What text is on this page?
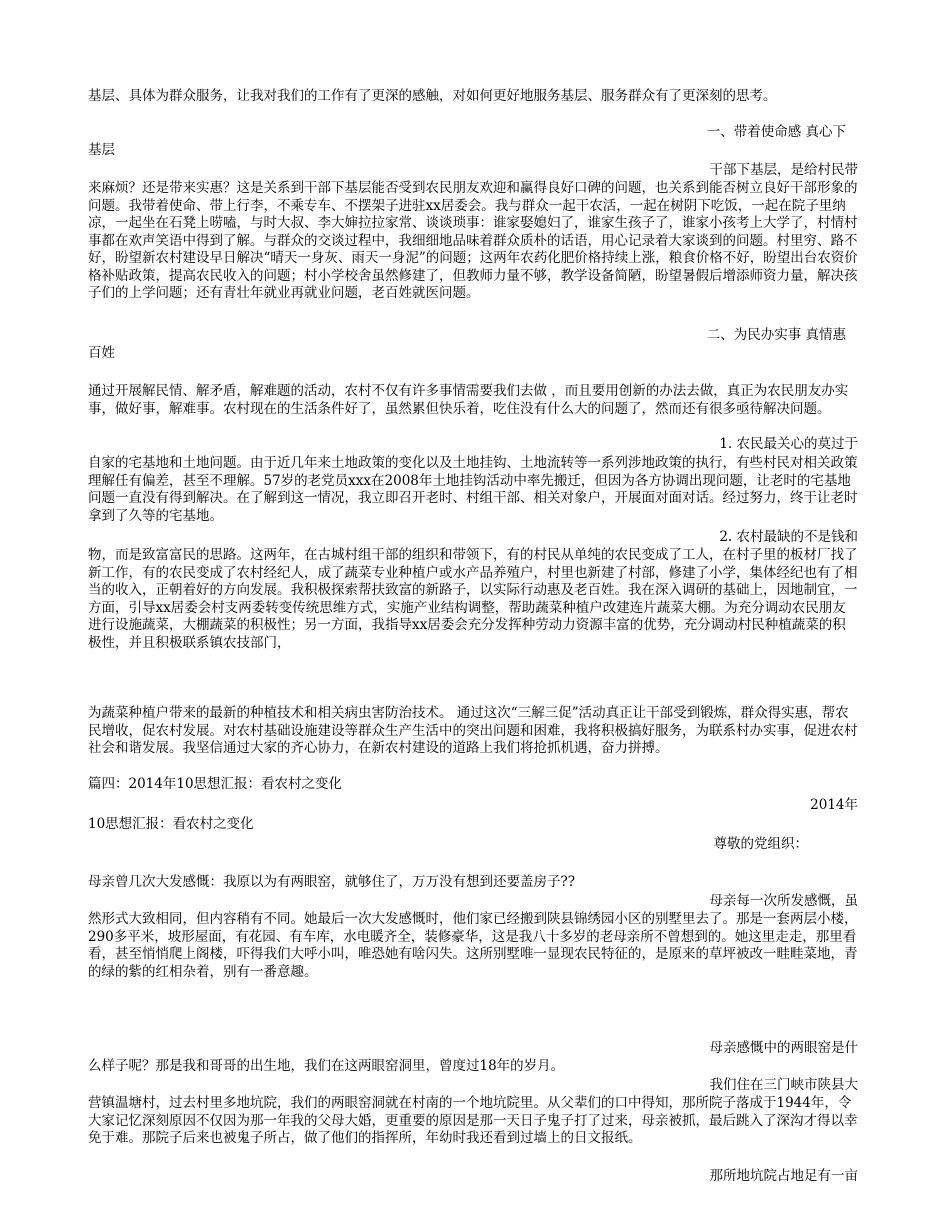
基层、具体为群众服务，让我对我们的工作有了更深的感触，对如何更好地服务基层、服务群众有了更深刻的思考。

一、带着使命感 真心下

基层

干部下基层，是给村民带

来麻烦？还是带来实惠？这是关系到干部下基层能否受到农民朋友欢迎和赢得良好口碑的问题，也关系到能否树立良好干部形象的问题。我带着使命、带上行李，不乘专车、不摆架子进驻xx居委会。我与群众一起干农活，一起在树阴下吃饭，一起在院子里纳凉，一起坐在石凳上唠嗑，与时大叔、李大婶拉拉家常、谈谈琐事：谁家娶媳妇了，谁家生孩子了，谁家小孩考上大学了，村情村事都在欢声笑语中得到了解。与群众的交谈过程中，我细细地品味着群众质朴的话语，用心记录着大家谈到的问题。村里穷、路不好，盼望新农村建设早日解决“晴天一身灰、雨天一身泥”的问题；这两年农药化肥价格持续上涨，粮食价格不好，盼望出台农资价格补贴政策，提高农民收入的问题；村小学校舍虽然修建了，但教师力量不够，教学设备简陋，盼望暑假后增添师资力量，解决孩子们的上学问题；还有青壮年就业再就业问题，老百姓就医问题。

二、为民办实事 真情惠

百姓

通过开展解民情、解矛盾，解难题的活动，农村不仅有许多事情需要我们去做 ，而且要用创新的办法去做，真正为农民朋友办实事，做好事，解难事。农村现在的生活条件好了，虽然累但快乐着，吃住没有什么大的问题了，然而还有很多亟待解决问题。

1. 农民最关心的莫过于

自家的宅基地和土地问题。由于近几年来土地政策的变化以及土地挂钩、土地流转等一系列涉地政策的执行，有些村民对相关政策理解任有偏差，甚至不理解。57岁的老党员xxx在2008年土地挂钩活动中率先搬迁，但因为各方协调出现问题，让老时的宅基地问题一直没有得到解决。在了解到这一情况，我立即召开老时、村组干部、相关对象户，开展面对面对话。经过努力，终于让老时拿到了久等的宅基地。

2. 农村最缺的不是钱和

物，而是致富富民的思路。这两年，在古城村组干部的组织和带领下，有的村民从单纯的农民变成了工人，在村子里的板材厂找了新工作，有的农民变成了农村经纪人，成了蔬菜专业种植户或水产品养殖户，村里也新建了村部，修建了小学，集体经纪也有了相当的收入，正朝着好的方向发展。我积极探索帮扶致富的新路子，以实际行动惠及老百姓。我在深入调研的基础上，因地制宜，一方面，引导xx居委会村支两委转变传统思维方式，实施产业结构调整，帮助蔬菜种植户改建连片蔬菜大棚。为充分调动农民朋友进行设施蔬菜，大棚蔬菜的积极性；另一方面，我指导xx居委会充分发挥种劳动力资源丰富的优势，充分调动村民种植蔬菜的积极性，并且积极联系镇农技部门，

为蔬菜种植户带来的最新的种植技术和相关病虫害防治技术。 通过这次“三解三促”活动真正让干部受到锻炼，群众得实惠，帮农民增收，促农村发展。对农村基础设施建设等群众生产生活中的突出问题和困难，我将积极搞好服务，为联系村办实事，促进农村社会和谐发展。我坚信通过大家的齐心协力，在新农村建设的道路上我们将抢抓机遇，奋力拼搏。

篇四：2014年10思想汇报：看农村之变化

2014年

10思想汇报：看农村之变化

尊敬的党组织：

母亲曾几次大发感慨：我原以为有两眼窑，就够住了，万万没有想到还要盖房子??

母亲每一次所发感慨，虽

然形式大致相同，但内容稍有不同。她最后一次大发感慨时，他们家已经搬到陕县锦绣园小区的别墅里去了。那是一套两层小楼，290多平米，坡形屋面，有花园、有车库，水电暖齐全，装修豪华，这是我八十多岁的老母亲所不曾想到的。她这里走走，那里看看，甚至悄悄爬上阁楼，吓得我们大呼小叫，唯恐她有啥闪失。这所别墅唯一显现农民特征的，是原来的草坪被改一畦畦菜地，青的绿的紫的红相杂着，别有一番意趣。

母亲感慨中的两眼窑是什

么样子呢？那是我和哥哥的出生地，我们在这两眼窑洞里，曾度过18年的岁月。

我们住在三门峡市陕县大

营镇温塘村，过去村里多地坑院，我们的两眼窑洞就在村南的一个地坑院里。从父辈们的口中得知，那所院子落成于1944年，令大家记忆深刻原因不仅因为那一年我的父母大婚，更重要的原因是那一天日子鬼子打了过来，母亲被抓，最后跳入了深沟才得以幸免于难。那院子后来也被鬼子所占，做了他们的指挥所，年幼时我还看到过墙上的日文报纸。

那所地坑院占地足有一亩
